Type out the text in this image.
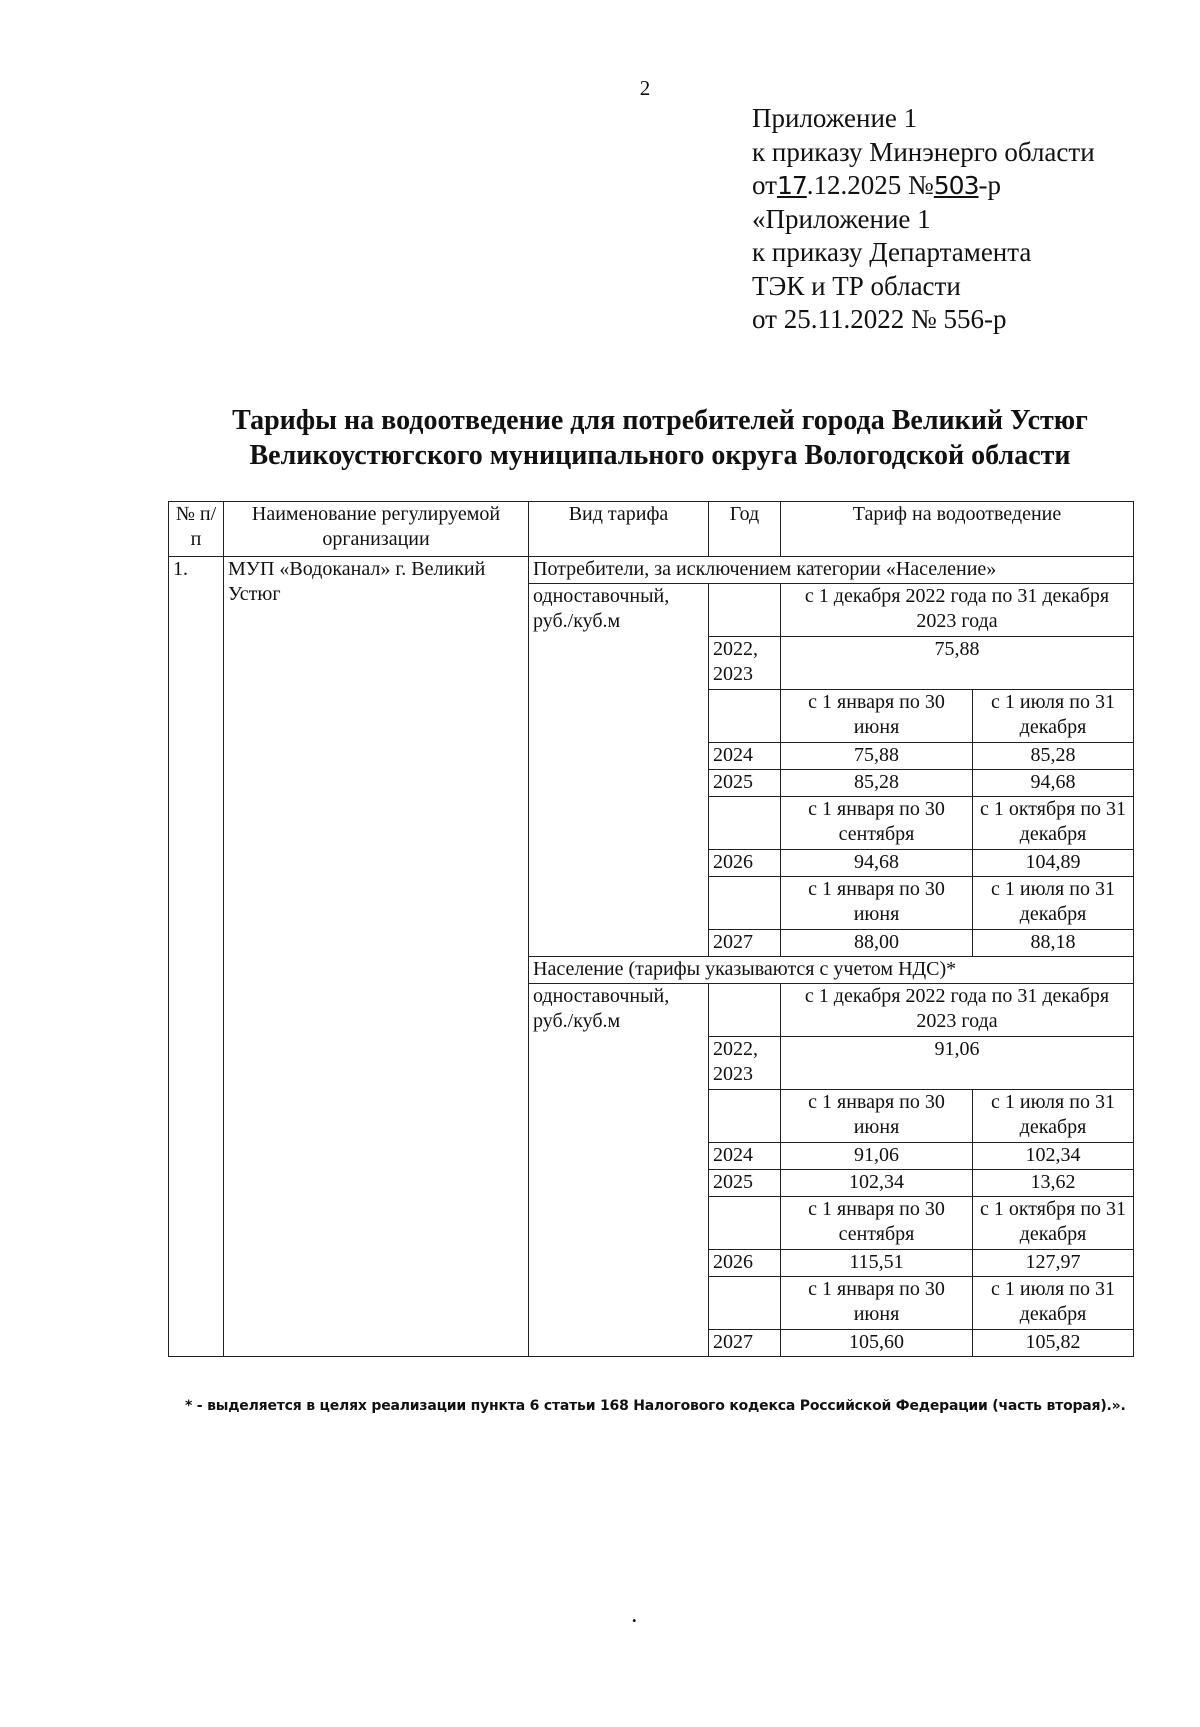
2
Приложение 1
к приказу Минэнерго области
от17.12.2025 №503-р
«Приложение 1
к приказу Департамента
ТЭК и ТР области
от 25.11.2022 № 556-р
Тарифы на водоотведение для потребителей города Великий Устюг
Великоустюгского муниципального округа Вологодской области
№ п/п	Наименование регулируемой организации	Вид тарифа	Год	Тариф на водоотведение	
1.	МУП «Водоканал» г. Великий Устюг	Потребители, за исключением категории «Население»			
		одноставочный, руб./куб.м		с 1 декабря 2022 года по 31 декабря 2023 года	
			2022, 2023	75,88	
				с 1 января по 30 июня	с 1 июля по 31 декабря
			2024	75,88	85,28
			2025	85,28	94,68
				с 1 января по 30 сентября	с 1 октября по 31 декабря
			2026	94,68	104,89
				с 1 января по 30 июня	с 1 июля по 31 декабря
			2027	88,00	88,18
		Население (тарифы указываются с учетом НДС)*			
		одноставочный, руб./куб.м		с 1 декабря 2022 года по 31 декабря 2023 года	
			2022, 2023	91,06	
				с 1 января по 30 июня	с 1 июля по 31 декабря
			2024	91,06	102,34
			2025	102,34	13,62
				с 1 января по 30 сентября	с 1 октября по 31 декабря
			2026	115,51	127,97
				с 1 января по 30 июня	с 1 июля по 31 декабря
			2027	105,60	105,82
* - выделяется в целях реализации пункта 6 статьи 168 Налогового кодекса Российской Федерации (часть вторая).».
.
